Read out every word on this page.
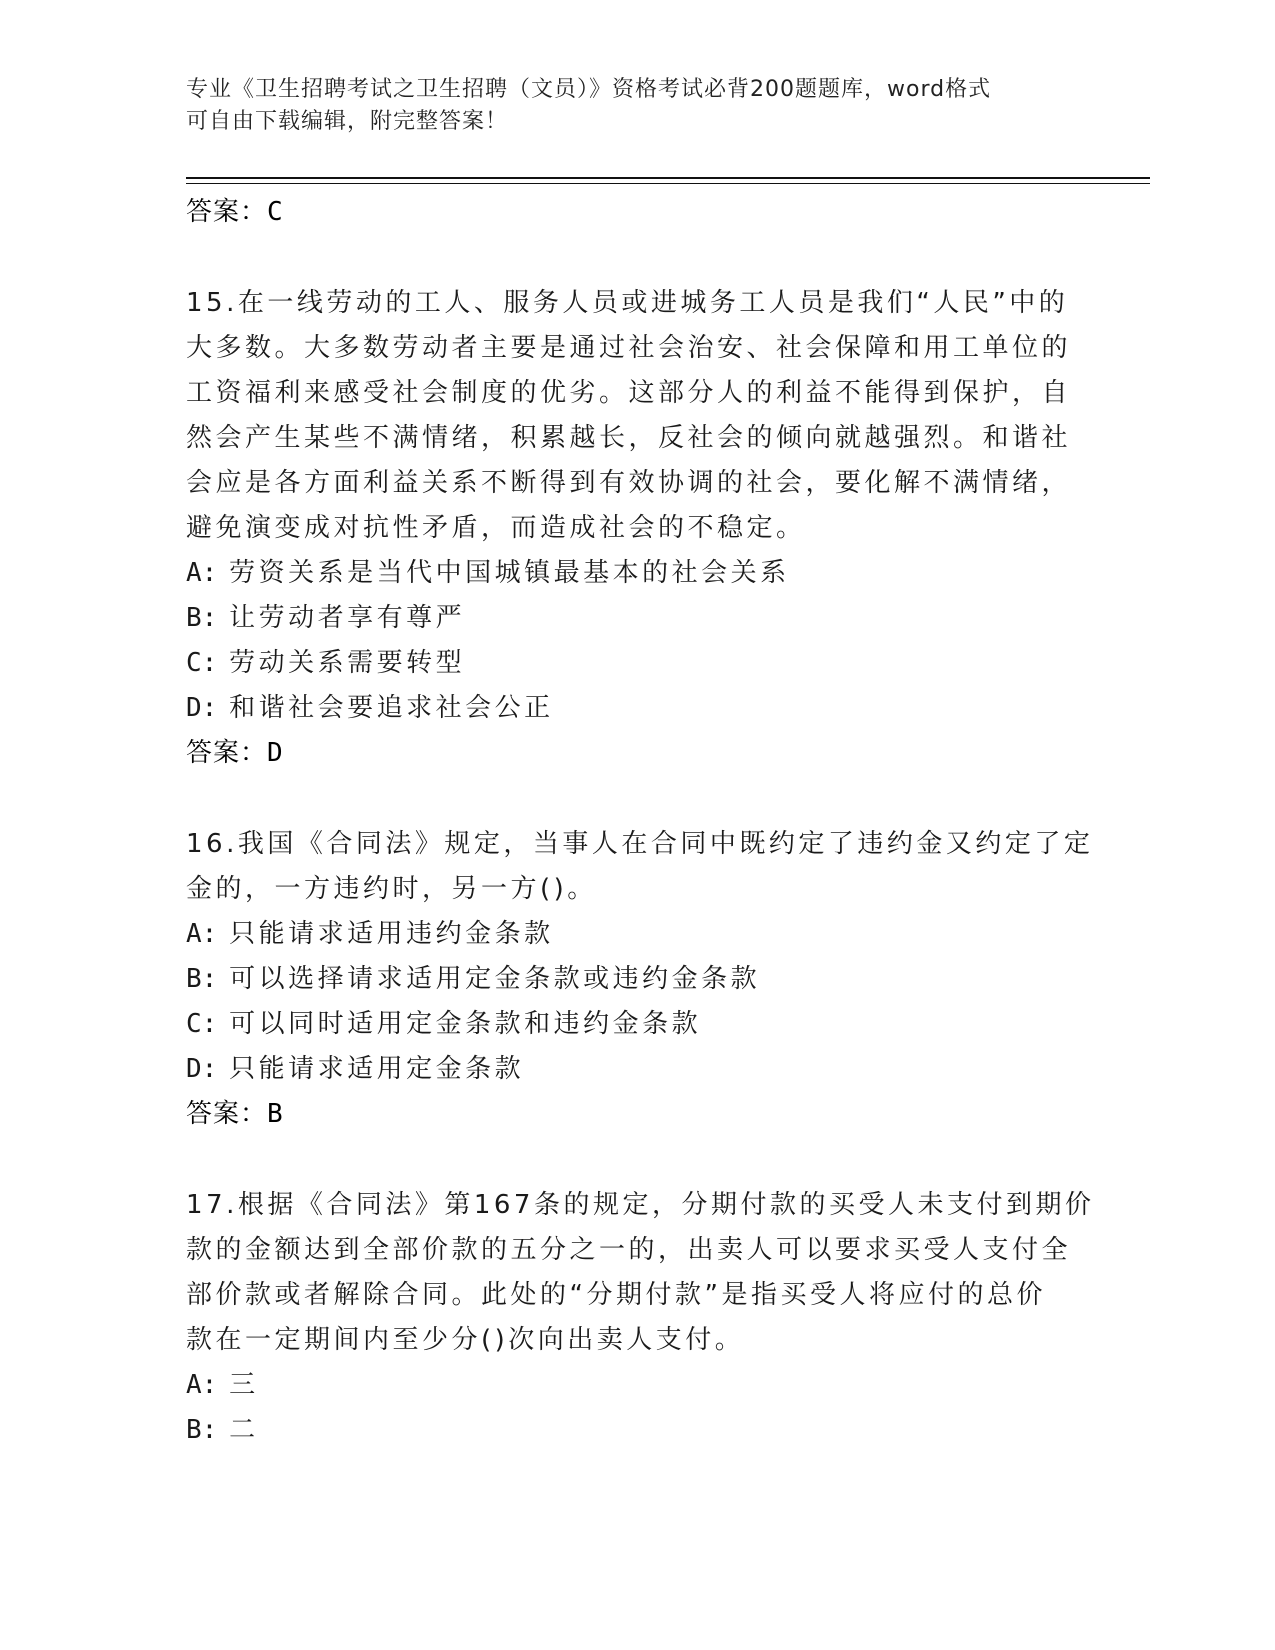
专业《卫生招聘考试之卫生招聘（文员）》资格考试必背200题题库，word格式
可自由下载编辑，附完整答案！
答案：C
15.在一线劳动的工人、服务人员或进城务工人员是我们“人民”中的
大多数。大多数劳动者主要是通过社会治安、社会保障和用工单位的
工资福利来感受社会制度的优劣。这部分人的利益不能得到保护，自
然会产生某些不满情绪，积累越长，反社会的倾向就越强烈。和谐社
会应是各方面利益关系不断得到有效协调的社会，要化解不满情绪，
避免演变成对抗性矛盾，而造成社会的不稳定。
A: 劳资关系是当代中国城镇最基本的社会关系
B: 让劳动者享有尊严
C: 劳动关系需要转型
D: 和谐社会要追求社会公正
答案：D
16.我国《合同法》规定，当事人在合同中既约定了违约金又约定了定
金的，一方违约时，另一方()。
A: 只能请求适用违约金条款
B: 可以选择请求适用定金条款或违约金条款
C: 可以同时适用定金条款和违约金条款
D: 只能请求适用定金条款
答案：B
17.根据《合同法》第167条的规定，分期付款的买受人未支付到期价
款的金额达到全部价款的五分之一的，出卖人可以要求买受人支付全
部价款或者解除合同。此处的“分期付款”是指买受人将应付的总价
款在一定期间内至少分()次向出卖人支付。
A: 三
B: 二
